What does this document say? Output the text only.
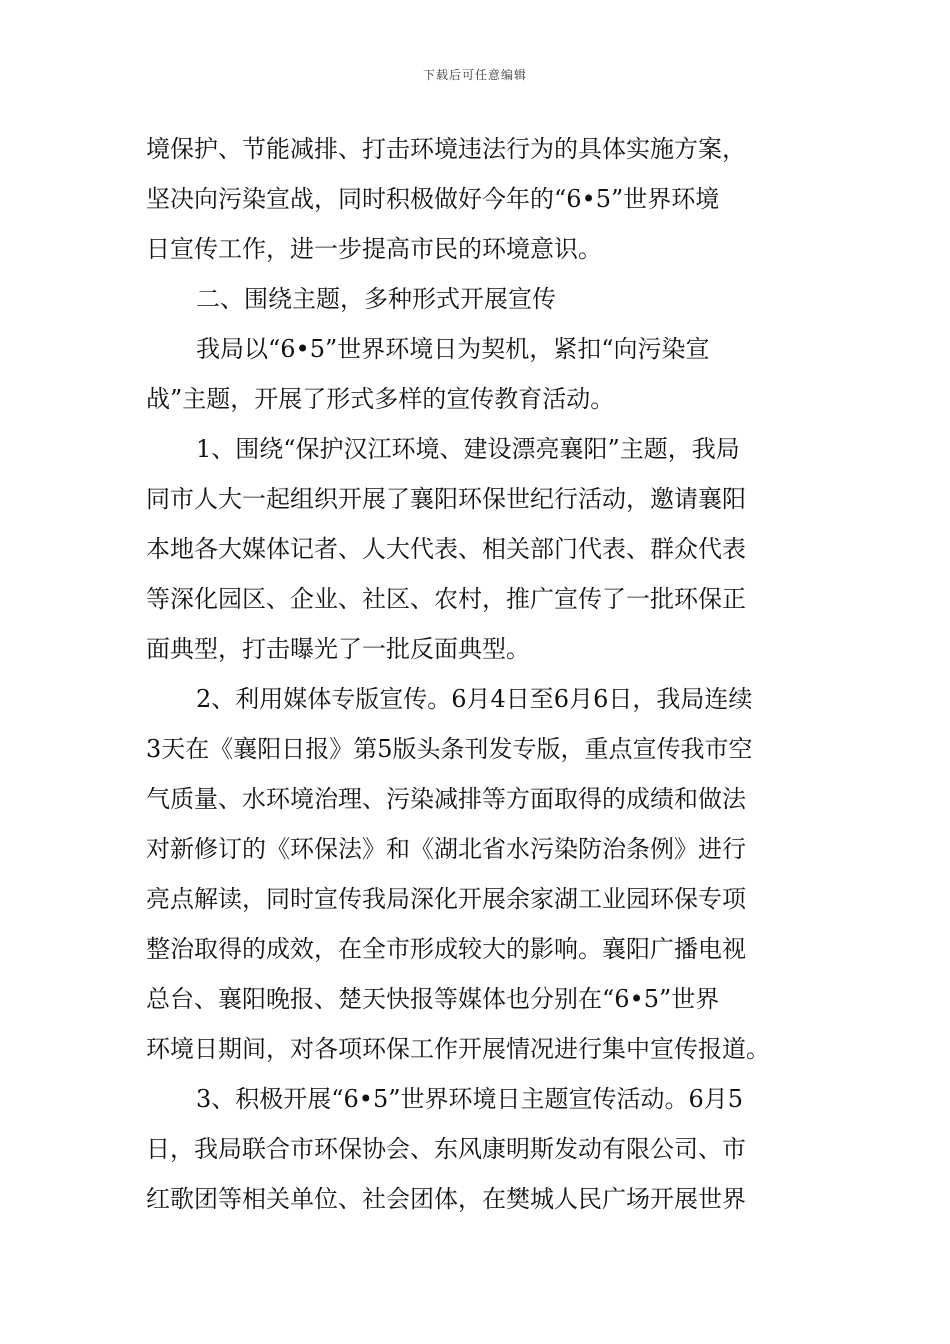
下载后可任意编辑
境保护、节能减排、打击环境违法行为的具体实施方案，
坚决向污染宣战，同时积极做好今年的“6•5”世界环境
日宣传工作，进一步提高市民的环境意识。
二、围绕主题，多种形式开展宣传
我局以“6•5”世界环境日为契机，紧扣“向污染宣
战”主题，开展了形式多样的宣传教育活动。
1、围绕“保护汉江环境、建设漂亮襄阳”主题，我局
同市人大一起组织开展了襄阳环保世纪行活动，邀请襄阳
本地各大媒体记者、人大代表、相关部门代表、群众代表
等深化园区、企业、社区、农村，推广宣传了一批环保正
面典型，打击曝光了一批反面典型。
2、利用媒体专版宣传。6月4日至6月6日，我局连续
3天在《襄阳日报》第5版头条刊发专版，重点宣传我市空
气质量、水环境治理、污染减排等方面取得的成绩和做法
对新修订的《环保法》和《湖北省水污染防治条例》进行
亮点解读，同时宣传我局深化开展余家湖工业园环保专项
整治取得的成效，在全市形成较大的影响。襄阳广播电视
总台、襄阳晚报、楚天快报等媒体也分别在“6•5”世界
环境日期间，对各项环保工作开展情况进行集中宣传报道。
3、积极开展“6•5”世界环境日主题宣传活动。6月5
日，我局联合市环保协会、东风康明斯发动有限公司、市
红歌团等相关单位、社会团体，在樊城人民广场开展世界
